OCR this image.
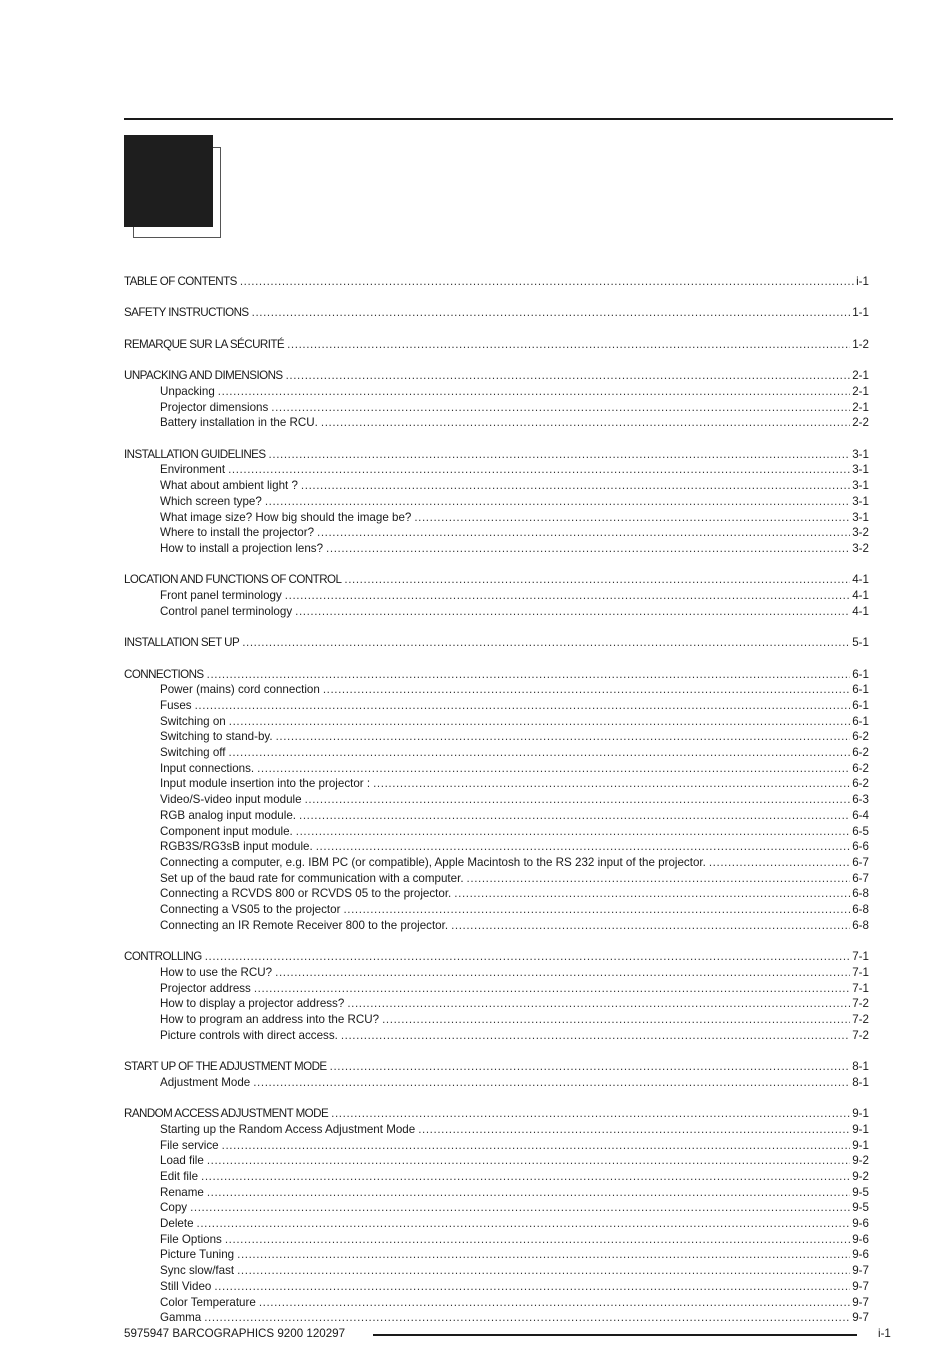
TABLE OF CONTENTS .....	i-1
SAFETY INSTRUCTIONS .....	1-1
REMARQUE SUR LA SÉCURITÉ .....	1-2
UNPACKING AND DIMENSIONS .....	2-1
Unpacking .....	2-1
Projector dimensions .....	2-1
Battery installation in the RCU. .....	2-2
INSTALLATION GUIDELINES .....	3-1
Environment .....	3-1
What about ambient light ? .....	3-1
Which screen type? .....	3-1
What image size? How big should the image be? .....	3-1
Where to install the projector? .....	3-2
How to install a projection lens? .....	3-2
LOCATION AND FUNCTIONS OF CONTROL .....	4-1
Front panel terminology .....	4-1
Control panel terminology .....	4-1
INSTALLATION SET UP .....	5-1
CONNECTIONS .....	6-1
Power (mains) cord connection .....	6-1
Fuses .....	6-1
Switching on .....	6-1
Switching to stand-by. .....	6-2
Switching off .....	6-2
Input connections. .....	6-2
Input module insertion into the projector : .....	6-2
Video/S-video input module .....	6-3
RGB analog input module. .....	6-4
Component input module. .....	6-5
RGB3S/RG3sB input module. .....	6-6
Connecting a computer, e.g. IBM PC (or compatible), Apple Macintosh to the RS 232 input of the projector. .....	6-7
Set up of the baud rate for communication with a computer. .....	6-7
Connecting a RCVDS 800 or RCVDS 05 to the projector. .....	6-8
Connecting a VS05 to the projector .....	6-8
Connecting an IR Remote Receiver 800 to the projector. .....	6-8
CONTROLLING .....	7-1
How to use the RCU? .....	7-1
Projector address .....	7-1
How to display a projector address? .....	7-2
How to program an address into the RCU? .....	7-2
Picture controls with direct access. .....	7-2
START UP OF THE ADJUSTMENT MODE .....	8-1
Adjustment Mode .....	8-1
RANDOM ACCESS ADJUSTMENT MODE .....	9-1
Starting up the Random Access Adjustment Mode .....	9-1
File service .....	9-1
Load file .....	9-2
Edit file .....	9-2
Rename .....	9-5
Copy .....	9-5
Delete .....	9-6
File Options .....	9-6
Picture Tuning .....	9-6
Sync slow/fast .....	9-7
Still Video .....	9-7
Color Temperature .....	9-7
Gamma .....	9-7
5975947 BARCOGRAPHICS 9200 120297	i-1
